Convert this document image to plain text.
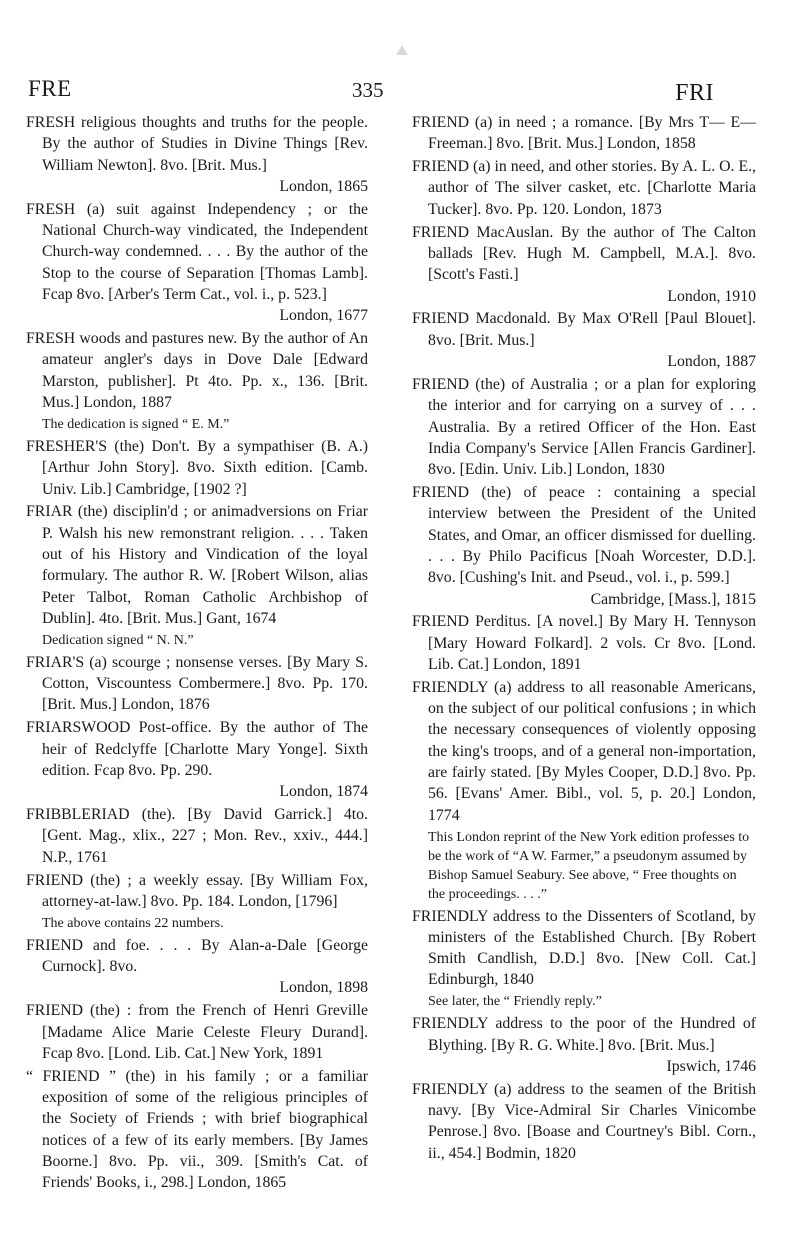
FRE	335	FRI

FRESH religious thoughts and truths for the people. By the author of Studies in Divine Things [Rev. William Newton]. 8vo. [Brit. Mus.]
London, 1865

FRESH (a) suit against Independency ; or the National Church-way vindicated, the Independent Church-way condemned. . . . By the author of the Stop to the course of Separation [Thomas Lamb]. Fcap 8vo. [Arber's Term Cat., vol. i., p. 523.]
London, 1677

FRESH woods and pastures new. By the author of An amateur angler's days in Dove Dale [Edward Marston, publisher]. Pt 4to. Pp. x., 136. [Brit. Mus.] London, 1887

The dedication is signed “ E. M.”

FRESHER'S (the) Don't. By a sympathiser (B. A.) [Arthur John Story]. 8vo. Sixth edition. [Camb. Univ. Lib.] Cambridge, [1902 ?]

FRIAR (the) disciplin'd ; or animadversions on Friar P. Walsh his new remonstrant religion. . . . Taken out of his History and Vindication of the loyal formulary. The author R. W. [Robert Wilson, alias Peter Talbot, Roman Catholic Archbishop of Dublin]. 4to. [Brit. Mus.] Gant, 1674

Dedication signed “ N. N.”

FRIAR'S (a) scourge ; nonsense verses. [By Mary S. Cotton, Viscountess Combermere.] 8vo. Pp. 170. [Brit. Mus.] London, 1876

FRIARSWOOD Post-office. By the author of The heir of Redclyffe [Charlotte Mary Yonge]. Sixth edition. Fcap 8vo. Pp. 290.
London, 1874

FRIBBLERIAD (the). [By David Garrick.] 4to. [Gent. Mag., xlix., 227 ; Mon. Rev., xxiv., 444.] N.P., 1761

FRIEND (the) ; a weekly essay. [By William Fox, attorney-at-law.] 8vo. Pp. 184. London, [1796]

The above contains 22 numbers.

FRIEND and foe. . . . By Alan-a-Dale [George Curnock]. 8vo.
London, 1898

FRIEND (the) : from the French of Henri Greville [Madame Alice Marie Celeste Fleury Durand]. Fcap 8vo. [Lond. Lib. Cat.] New York, 1891

“ FRIEND ” (the) in his family ; or a familiar exposition of some of the religious principles of the Society of Friends ; with brief biographical notices of a few of its early members. [By James Boorne.] 8vo. Pp. vii., 309. [Smith's Cat. of Friends' Books, i., 298.] London, 1865

FRIEND (a) in need ; a romance. [By Mrs T— E— Freeman.] 8vo. [Brit. Mus.] London, 1858

FRIEND (a) in need, and other stories. By A. L. O. E., author of The silver casket, etc. [Charlotte Maria Tucker]. 8vo. Pp. 120. London, 1873

FRIEND MacAuslan. By the author of The Calton ballads [Rev. Hugh M. Campbell, M.A.]. 8vo. [Scott's Fasti.]
London, 1910

FRIEND Macdonald. By Max O'Rell [Paul Blouet]. 8vo. [Brit. Mus.]
London, 1887

FRIEND (the) of Australia ; or a plan for exploring the interior and for carrying on a survey of . . . Australia. By a retired Officer of the Hon. East India Company's Service [Allen Francis Gardiner]. 8vo. [Edin. Univ. Lib.] London, 1830

FRIEND (the) of peace : containing a special interview between the President of the United States, and Omar, an officer dismissed for duelling. . . . By Philo Pacificus [Noah Worcester, D.D.]. 8vo. [Cushing's Init. and Pseud., vol. i., p. 599.]
Cambridge, [Mass.], 1815

FRIEND Perditus. [A novel.] By Mary H. Tennyson [Mary Howard Folkard]. 2 vols. Cr 8vo. [Lond. Lib. Cat.] London, 1891

FRIENDLY (a) address to all reasonable Americans, on the subject of our political confusions ; in which the necessary consequences of violently opposing the king's troops, and of a general non-importation, are fairly stated. [By Myles Cooper, D.D.] 8vo. Pp. 56. [Evans' Amer. Bibl., vol. 5, p. 20.] London, 1774

This London reprint of the New York edition professes to be the work of “A W. Farmer,” a pseudonym assumed by Bishop Samuel Seabury. See above, “ Free thoughts on the proceedings. . . .”

FRIENDLY address to the Dissenters of Scotland, by ministers of the Established Church. [By Robert Smith Candlish, D.D.] 8vo. [New Coll. Cat.] Edinburgh, 1840

See later, the “ Friendly reply.”

FRIENDLY address to the poor of the Hundred of Blything. [By R. G. White.] 8vo. [Brit. Mus.]
Ipswich, 1746

FRIENDLY (a) address to the seamen of the British navy. [By Vice-Admiral Sir Charles Vinicombe Penrose.] 8vo. [Boase and Courtney's Bibl. Corn., ii., 454.] Bodmin, 1820
